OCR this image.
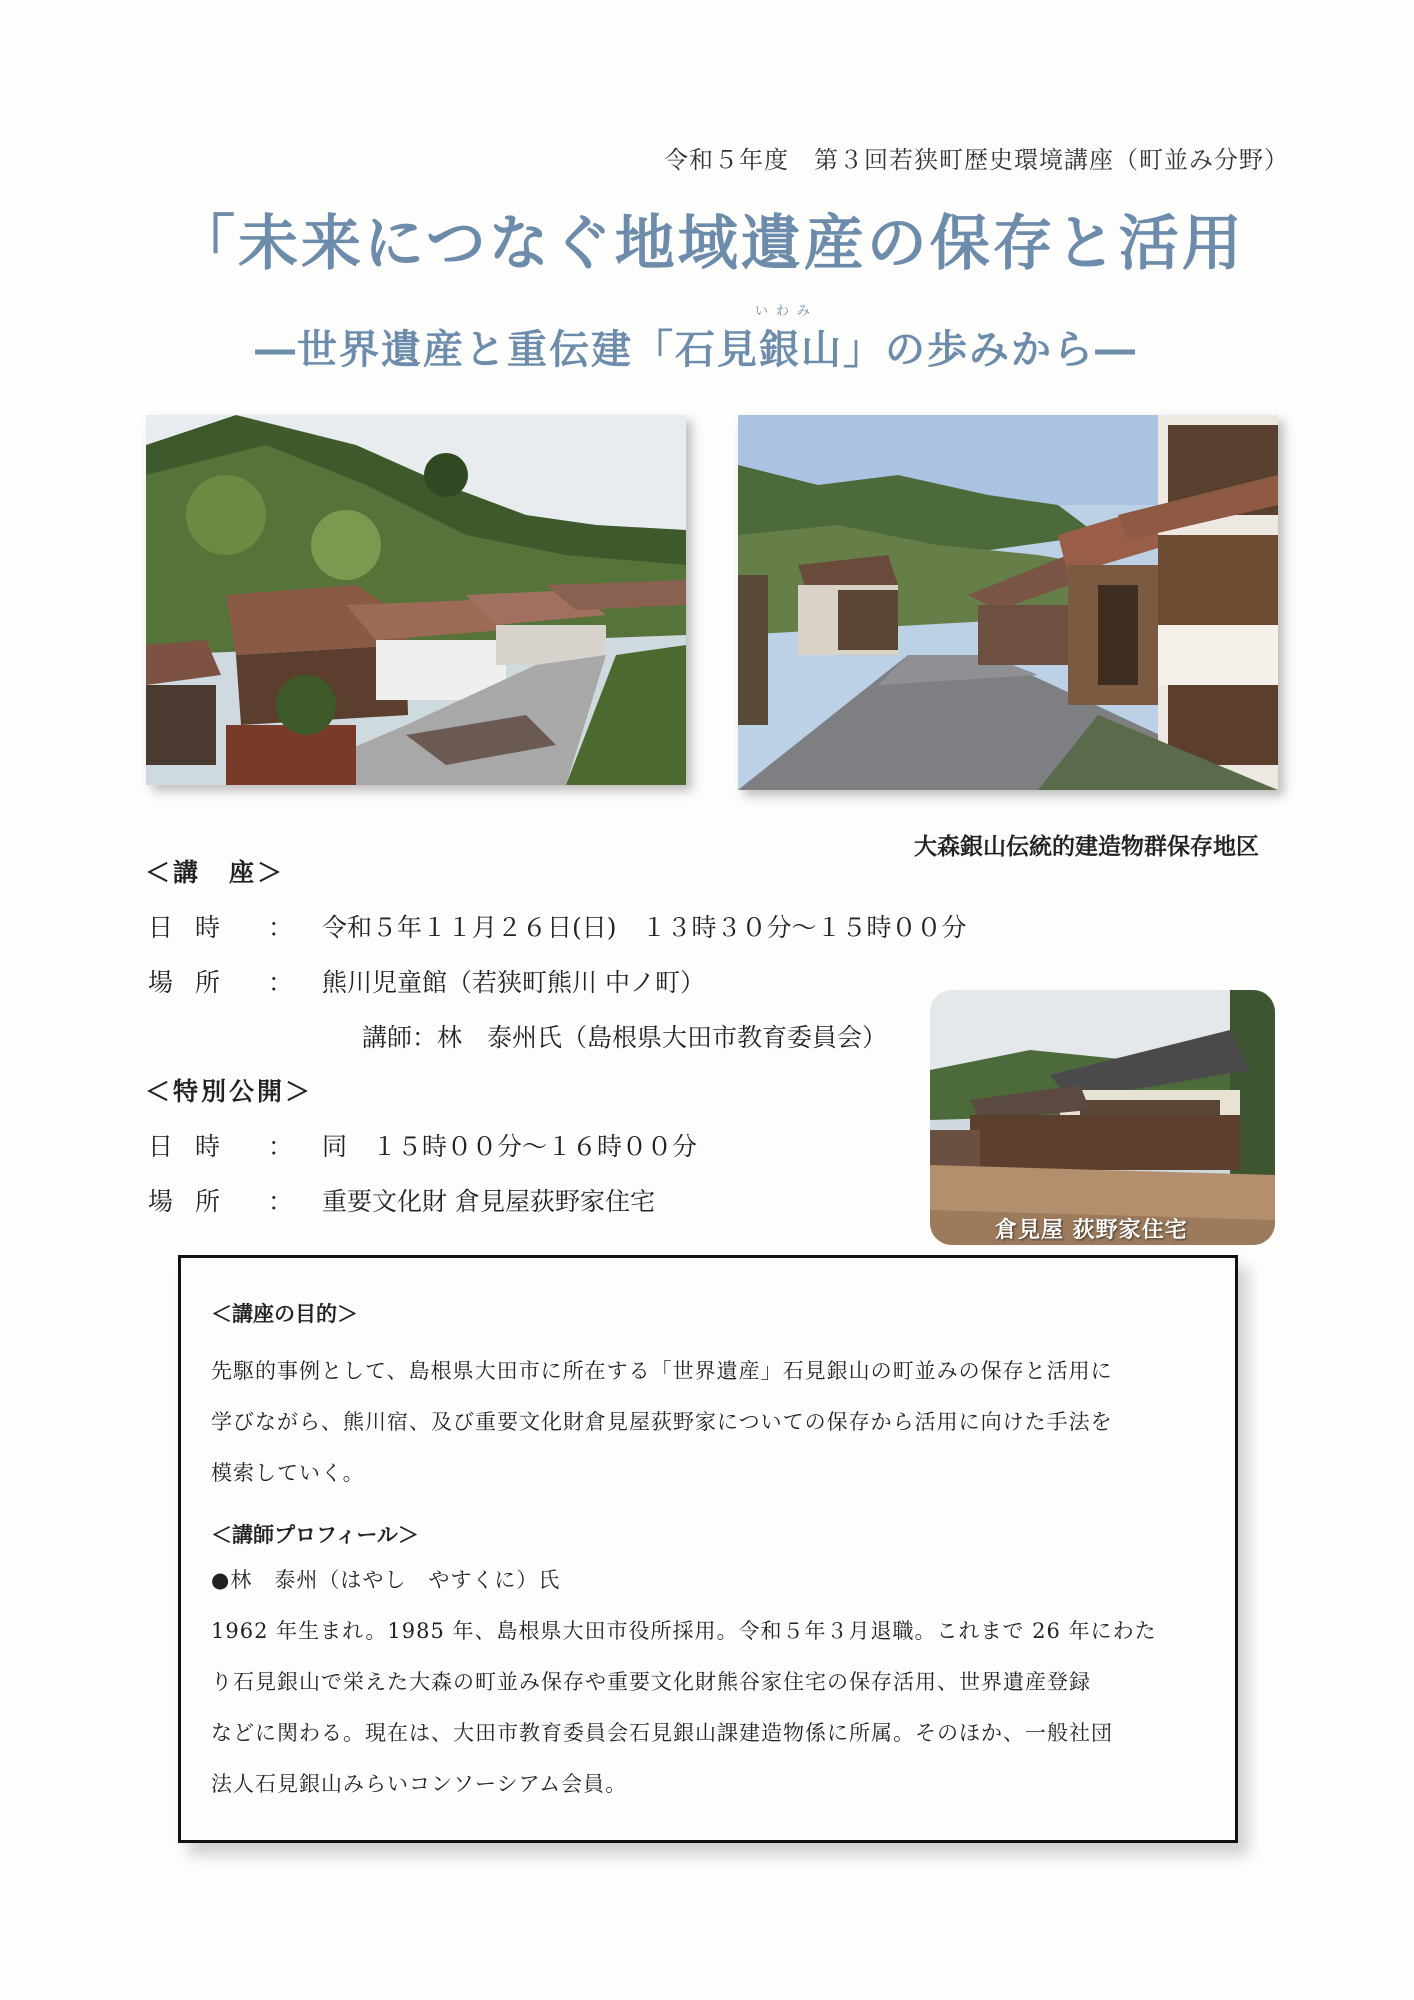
令和５年度　第３回若狭町歴史環境講座（町並み分野）
「未来につなぐ地域遺産の保存と活用
いわみ
―世界遺産と重伝建「石見銀山」の歩みから―
大森銀山伝統的建造物群保存地区
＜講　座＞
日時 ： 令和５年１１月２６日(日)　１３時３０分～１５時００分
場所 ： 熊川児童館（若狭町熊川 中ノ町）
講師：林　泰州氏（島根県大田市教育委員会）
＜特別公開＞
日時 ： 同　１５時００分～１６時００分
場所 ： 重要文化財 倉見屋荻野家住宅
倉見屋 荻野家住宅
＜講座の目的＞
先駆的事例として、島根県大田市に所在する「世界遺産」石見銀山の町並みの保存と活用に
学びながら、熊川宿、及び重要文化財倉見屋荻野家についての保存から活用に向けた手法を
模索していく。
＜講師プロフィール＞
●林　泰州（はやし　やすくに）氏
1962 年生まれ。1985 年、島根県大田市役所採用。令和５年３月退職。これまで 26 年にわた
り石見銀山で栄えた大森の町並み保存や重要文化財熊谷家住宅の保存活用、世界遺産登録
などに関わる。現在は、大田市教育委員会石見銀山課建造物係に所属。そのほか、一般社団
法人石見銀山みらいコンソーシアム会員。
